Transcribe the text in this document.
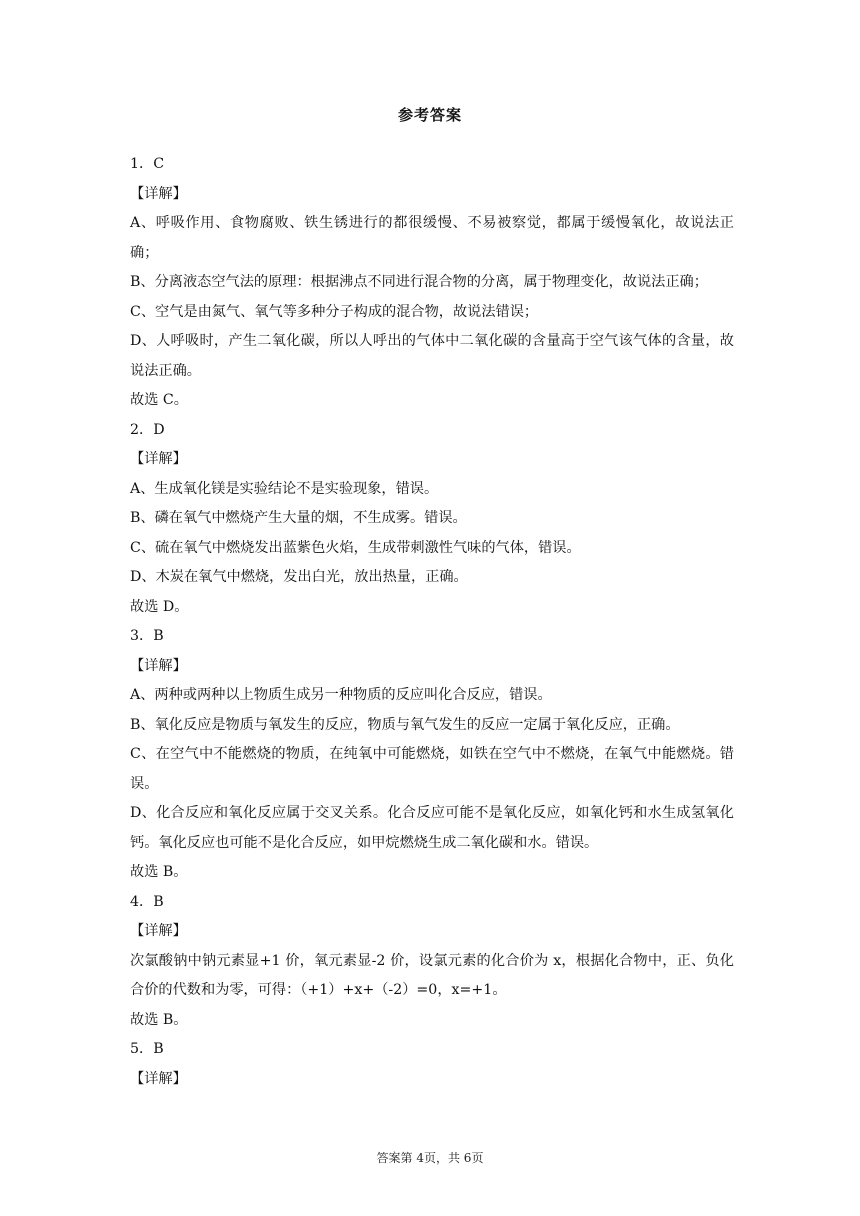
参考答案
1．C
【详解】
A、呼吸作用、食物腐败、铁生锈进行的都很缓慢、不易被察觉，都属于缓慢氧化，故说法正确；
B、分离液态空气法的原理：根据沸点不同进行混合物的分离，属于物理变化，故说法正确；
C、空气是由氮气、氧气等多种分子构成的混合物，故说法错误；
D、人呼吸时，产生二氧化碳，所以人呼出的气体中二氧化碳的含量高于空气该气体的含量，故说法正确。
故选 C。
2．D
【详解】
A、生成氧化镁是实验结论不是实验现象，错误。
B、磷在氧气中燃烧产生大量的烟，不生成雾。错误。
C、硫在氧气中燃烧发出蓝紫色火焰，生成带刺激性气味的气体，错误。
D、木炭在氧气中燃烧，发出白光，放出热量，正确。
故选 D。
3．B
【详解】
A、两种或两种以上物质生成另一种物质的反应叫化合反应，错误。
B、氧化反应是物质与氧发生的反应，物质与氧气发生的反应一定属于氧化反应，正确。
C、在空气中不能燃烧的物质，在纯氧中可能燃烧，如铁在空气中不燃烧，在氧气中能燃烧。错误。
D、化合反应和氧化反应属于交叉关系。化合反应可能不是氧化反应，如氧化钙和水生成氢氧化钙。氧化反应也可能不是化合反应，如甲烷燃烧生成二氧化碳和水。错误。
故选 B。
4．B
【详解】
次氯酸钠中钠元素显+1 价，氧元素显-2 价，设氯元素的化合价为 x，根据化合物中，正、负化合价的代数和为零，可得：（+1）+x+（-2）=0，x=+1。
故选 B。
5．B
【详解】
答案第 4页，共 6页
